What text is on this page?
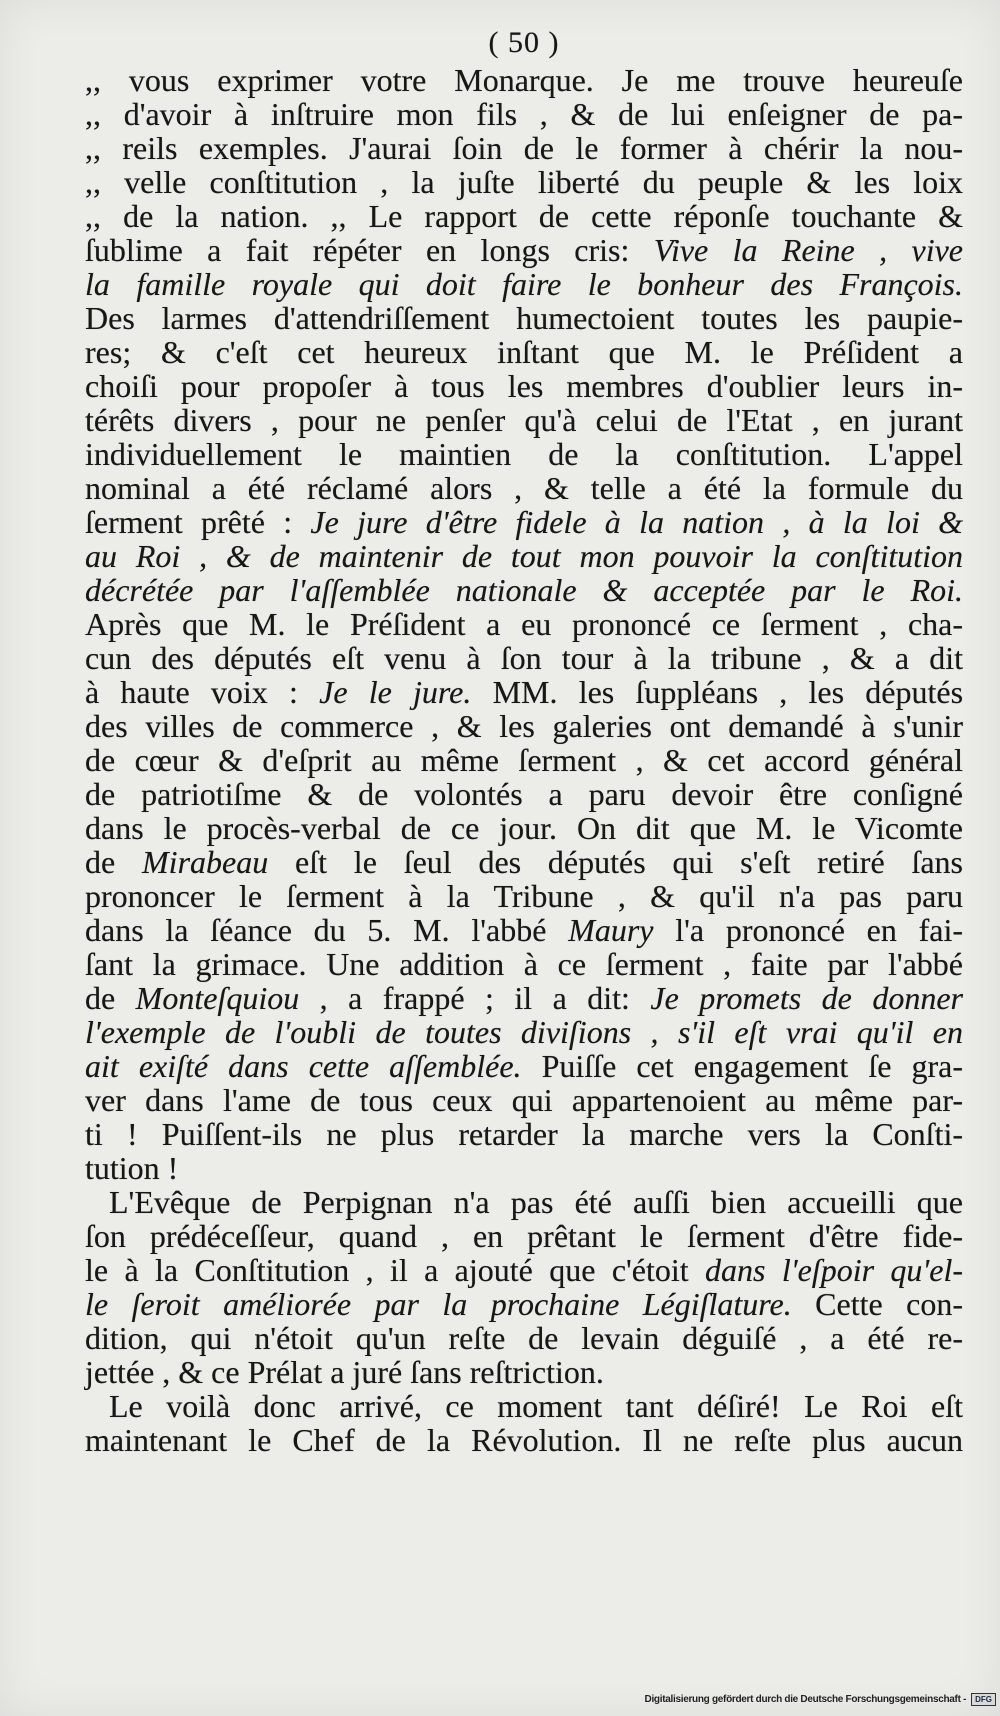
( 50 )
,, vous exprimer votre Monarque. Je me trouve heureuſe
,, d'avoir à inſtruire mon fils , & de lui enſeigner de pa-
,, reils exemples. J'aurai ſoin de le former à chérir la nou-
,, velle conſtitution , la juſte liberté du peuple & les loix
,, de la nation. ,, Le rapport de cette réponſe touchante &
ſublime a fait répéter en longs cris: Vive la Reine , vive
la famille royale qui doit faire le bonheur des François.
Des larmes d'attendriſſement humectoient toutes les paupie-
res; & c'eſt cet heureux inſtant que M. le Préſident a
choiſi pour propoſer à tous les membres d'oublier leurs in-
térêts divers , pour ne penſer qu'à celui de l'Etat , en jurant
individuellement le maintien de la conſtitution. L'appel
nominal a été réclamé alors , & telle a été la formule du
ſerment prêté : Je jure d'être fidele à la nation , à la loi &
au Roi , & de maintenir de tout mon pouvoir la conſtitution
décrétée par l'aſſemblée nationale & acceptée par le Roi.
Après que M. le Préſident a eu prononcé ce ſerment , cha-
cun des députés eſt venu à ſon tour à la tribune , & a dit
à haute voix : Je le jure. MM. les ſuppléans , les députés
des villes de commerce , & les galeries ont demandé à s'unir
de cœur & d'eſprit au même ſerment , & cet accord général
de patriotiſme & de volontés a paru devoir être conſigné
dans le procès-verbal de ce jour. On dit que M. le Vicomte
de Mirabeau eſt le ſeul des députés qui s'eſt retiré ſans
prononcer le ſerment à la Tribune , & qu'il n'a pas paru
dans la ſéance du 5. M. l'abbé Maury l'a prononcé en fai-
ſant la grimace. Une addition à ce ſerment , faite par l'abbé
de Monteſquiou , a frappé ; il a dit: Je promets de donner
l'exemple de l'oubli de toutes diviſions , s'il eſt vrai qu'il en
ait exiſté dans cette aſſemblée. Puiſſe cet engagement ſe gra-
ver dans l'ame de tous ceux qui appartenoient au même par-
ti ! Puiſſent-ils ne plus retarder la marche vers la Conſti-
tution !
L'Evêque de Perpignan n'a pas été auſſi bien accueilli que
ſon prédéceſſeur, quand , en prêtant le ſerment d'être fide-
le à la Conſtitution , il a ajouté que c'étoit dans l'eſpoir qu'el-
le ſeroit améliorée par la prochaine Légiſlature. Cette con-
dition, qui n'étoit qu'un reſte de levain déguiſé , a été re-
jettée , & ce Prélat a juré ſans reſtriction.
Le voilà donc arrivé, ce moment tant déſiré! Le Roi eſt
maintenant le Chef de la Révolution. Il ne reſte plus aucun
Digitalisierung gefördert durch die Deutsche Forschungsgemeinschaft -	DFG
